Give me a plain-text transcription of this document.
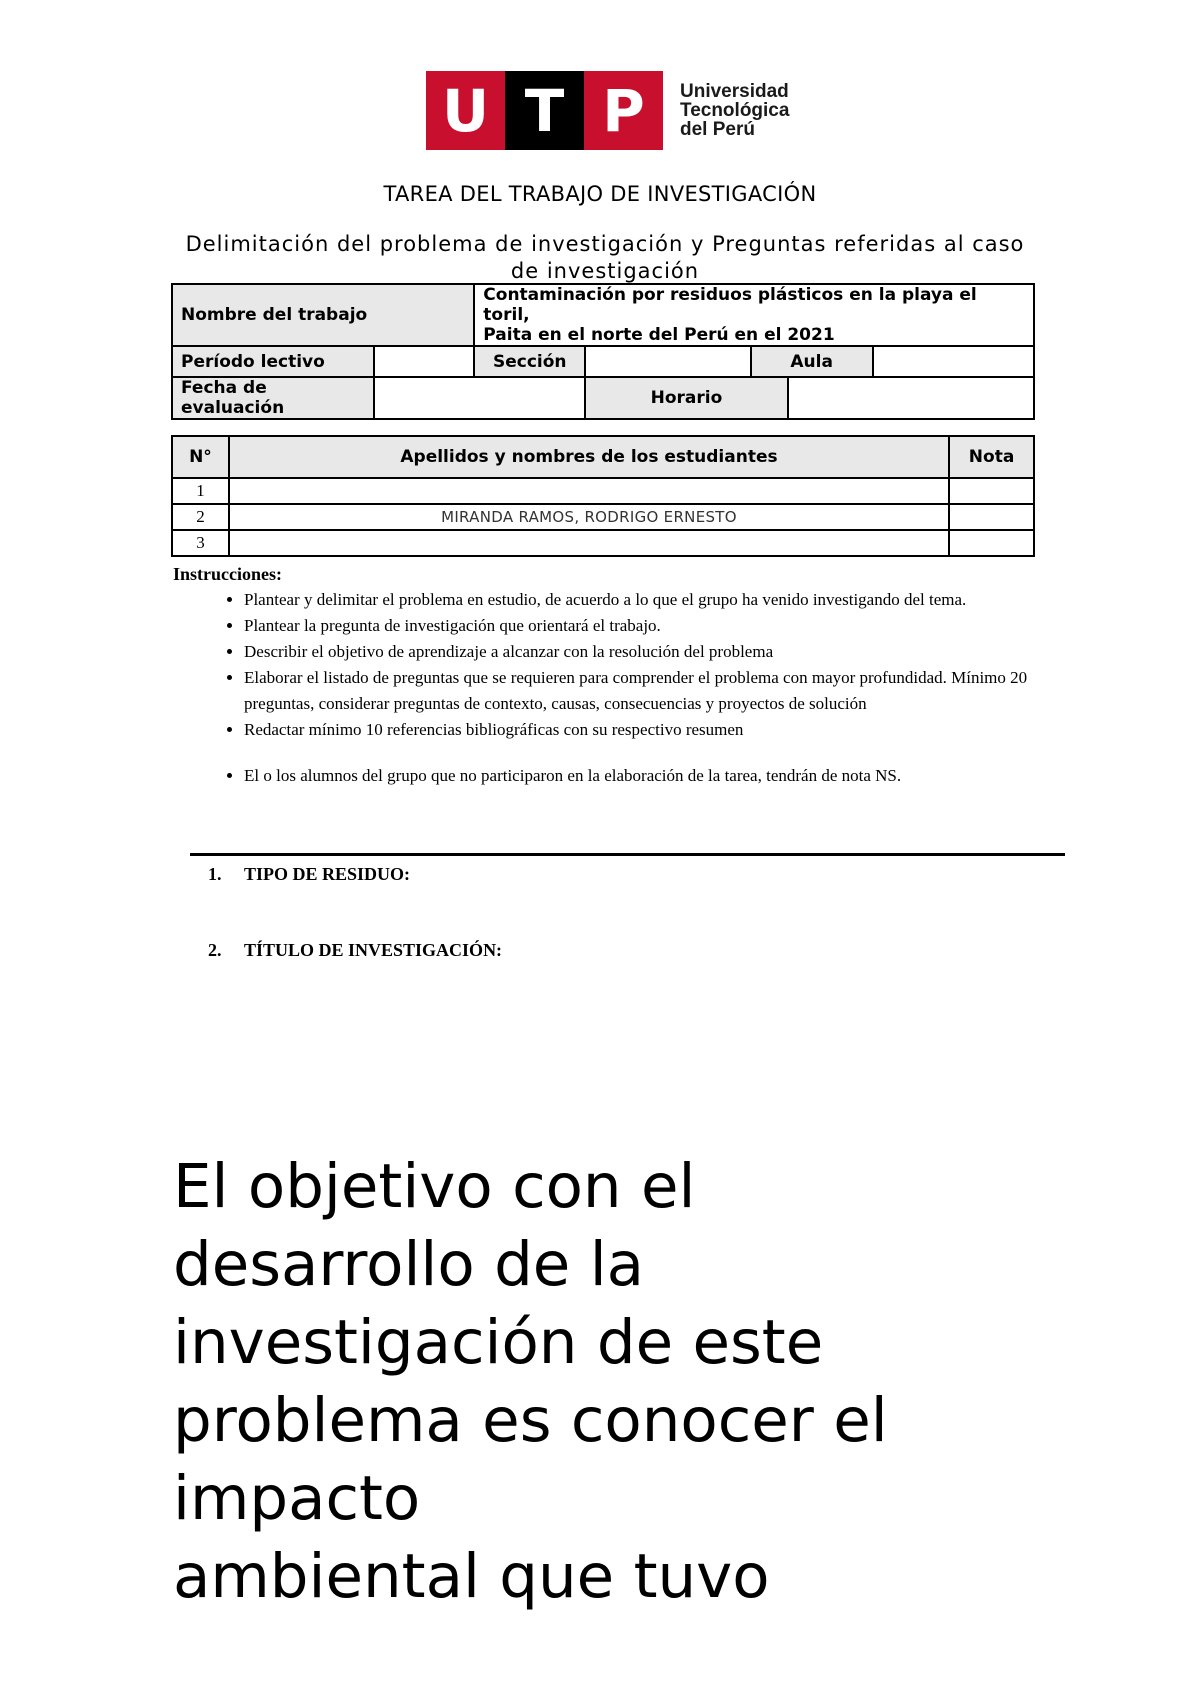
U T P	Universidad
Tecnológica
del Perú
TAREA DEL TRABAJO DE INVESTIGACIÓN
Delimitación del problema de investigación y Preguntas referidas al caso de investigación
Nombre del trabajo		Contaminación por residuos plásticos en la playa el toril,
Paita en el norte del Perú en el 2021				

Período lectivo		Sección		Aula		
Fecha de evaluación			Horario			
N°	Apellidos y nombres de los estudiantes	Nota
1		
2	MIRANDA RAMOS, RODRIGO ERNESTO	
3		
Instrucciones:
• Plantear y delimitar el problema en estudio, de acuerdo a lo que el grupo ha venido investigando del tema.
• Plantear la pregunta de investigación que orientará el trabajo.
• Describir el objetivo de aprendizaje a alcanzar con la resolución del problema
• Elaborar el listado de preguntas que se requieren para comprender el problema con mayor profundidad. Mínimo 20 preguntas, considerar preguntas de contexto, causas, consecuencias y proyectos de solución
• Redactar mínimo 10 referencias bibliográficas con su respectivo resumen
• El o los alumnos del grupo que no participaron en la elaboración de la tarea, tendrán de nota NS.
1. TIPO DE RESIDUO:
2. TÍTULO DE INVESTIGACIÓN:
El objetivo con el
desarrollo de la
investigación de este
problema es conocer el
impacto
ambiental que tuvo
